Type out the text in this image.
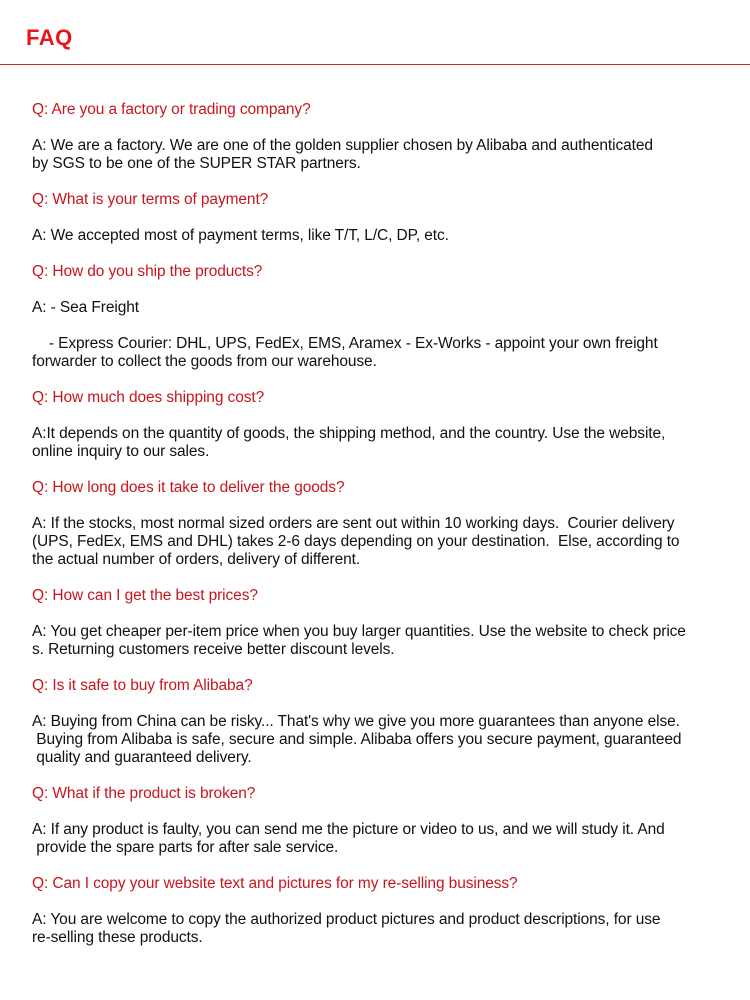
FAQ
Q: Are you a factory or trading company?
A: We are a factory. We are one of the golden supplier chosen by Alibaba and authenticated
by SGS to be one of the SUPER STAR partners.
Q: What is your terms of payment?
A: We accepted most of payment terms, like T/T, L/C, DP, etc.
Q: How do you ship the products?
A: - Sea Freight
- Express Courier: DHL, UPS, FedEx, EMS, Aramex - Ex-Works - appoint your own freight
forwarder to collect the goods from our warehouse.
Q: How much does shipping cost?
A:It depends on the quantity of goods, the shipping method, and the country. Use the website,
online inquiry to our sales.
Q: How long does it take to deliver the goods?
A: If the stocks, most normal sized orders are sent out within 10 working days.  Courier delivery
(UPS, FedEx, EMS and DHL) takes 2-6 days depending on your destination.  Else, according to
the actual number of orders, delivery of different.
Q: How can I get the best prices?
A: You get cheaper per-item price when you buy larger quantities. Use the website to check price
s. Returning customers receive better discount levels.
Q: Is it safe to buy from Alibaba?
A: Buying from China can be risky... That's why we give you more guarantees than anyone else.
Buying from Alibaba is safe, secure and simple. Alibaba offers you secure payment, guaranteed
quality and guaranteed delivery.
Q: What if the product is broken?
A: If any product is faulty, you can send me the picture or video to us, and we will study it. And
provide the spare parts for after sale service.
Q: Can I copy your website text and pictures for my re-selling business?
A: You are welcome to copy the authorized product pictures and product descriptions, for use
re-selling these products.
